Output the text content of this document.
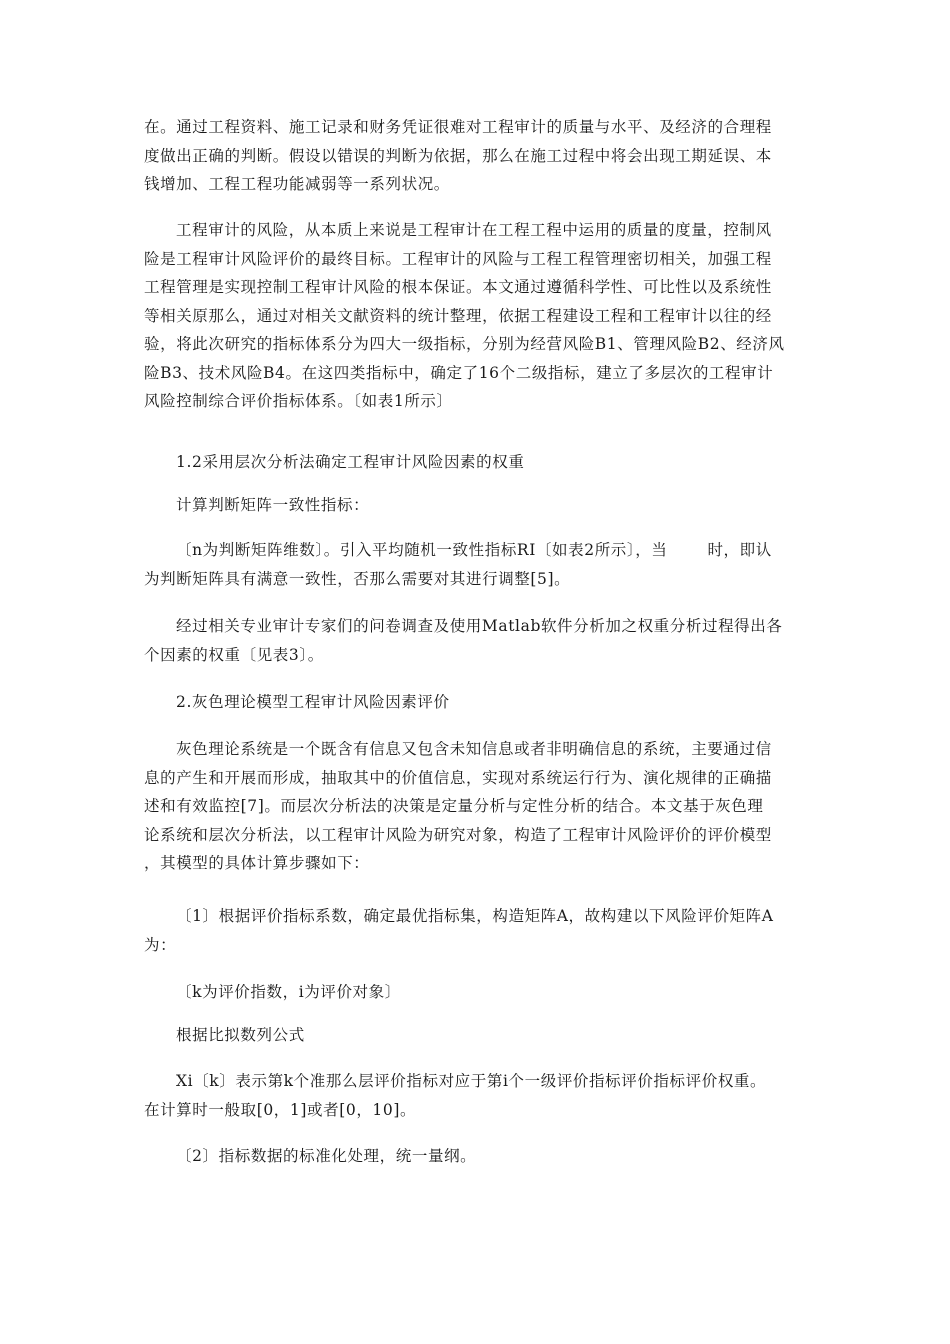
在。通过工程资料、施工记录和财务凭证很难对工程审计的质量与水平、及经济的合理程
度做出正确的判断。假设以错误的判断为依据，那么在施工过程中将会出现工期延误、本
钱增加、工程工程功能减弱等一系列状况。
工程审计的风险，从本质上来说是工程审计在工程工程中运用的质量的度量，控制风
险是工程审计风险评价的最终目标。工程审计的风险与工程工程管理密切相关，加强工程
工程管理是实现控制工程审计风险的根本保证。本文通过遵循科学性、可比性以及系统性
等相关原那么，通过对相关文献资料的统计整理，依据工程建设工程和工程审计以往的经
验，将此次研究的指标体系分为四大一级指标，分别为经营风险B1、管理风险B2、经济风
险B3、技术风险B4。在这四类指标中，确定了16个二级指标，建立了多层次的工程审计
风险控制综合评价指标体系。〔如表1所示〕
1.2采用层次分析法确定工程审计风险因素的权重
计算判断矩阵一致性指标：
〔n为判断矩阵维数〕。引入平均随机一致性指标RI〔如表2所示〕，当	时，即认
为判断矩阵具有满意一致性，否那么需要对其进行调整[5]。
经过相关专业审计专家们的问卷调查及使用Matlab软件分析加之权重分析过程得出各
个因素的权重〔见表3〕。
2.灰色理论模型工程审计风险因素评价
灰色理论系统是一个既含有信息又包含未知信息或者非明确信息的系统，主要通过信
息的产生和开展而形成，抽取其中的价值信息，实现对系统运行行为、演化规律的正确描
述和有效监控[7]。而层次分析法的决策是定量分析与定性分析的结合。本文基于灰色理
论系统和层次分析法，以工程审计风险为研究对象，构造了工程审计风险评价的评价模型
，其模型的具体计算步骤如下：
〔1〕根据评价指标系数，确定最优指标集，构造矩阵A，故构建以下风险评价矩阵A
为：
〔k为评价指数，i为评价对象〕
根据比拟数列公式
Xi〔k〕表示第k个准那么层评价指标对应于第i个一级评价指标评价指标评价权重。
在计算时一般取[0，1]或者[0，10]。
〔2〕指标数据的标准化处理，统一量纲。
